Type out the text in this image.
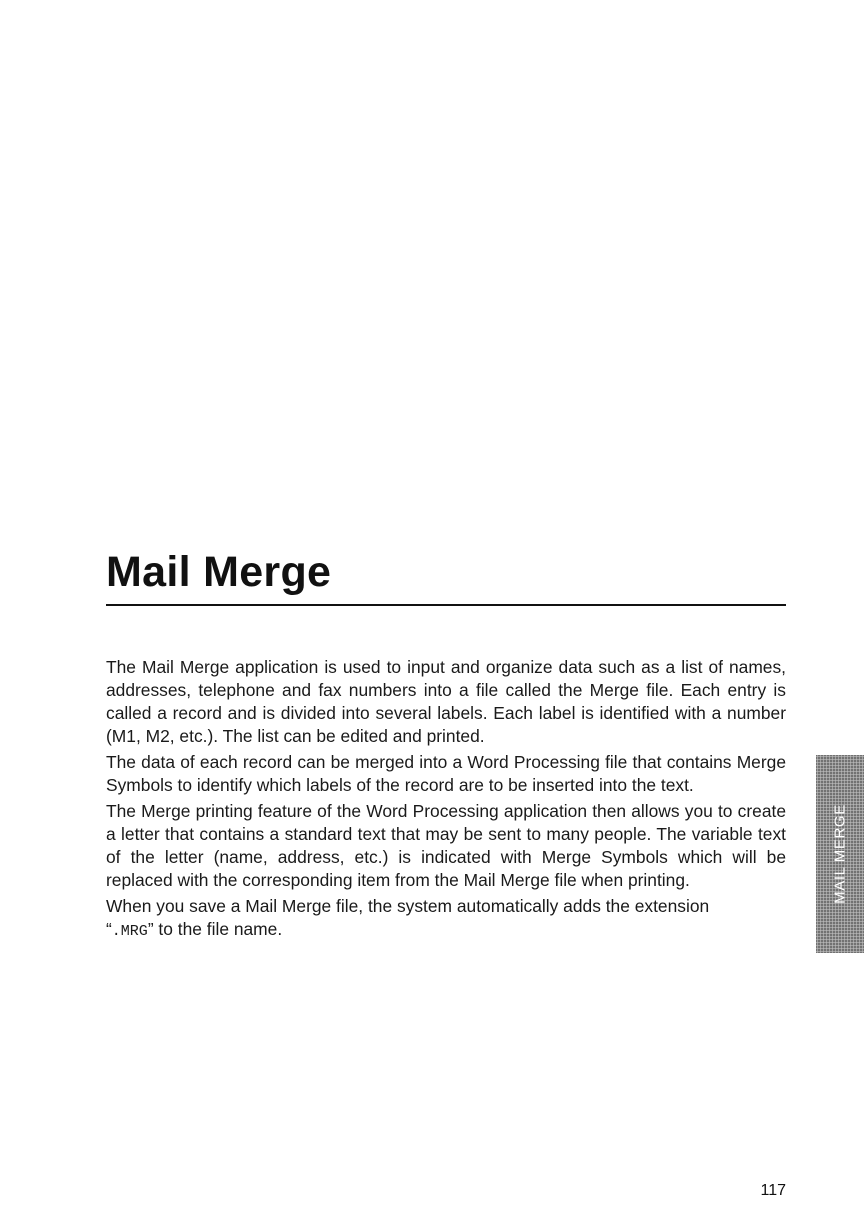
Mail Merge

The Mail Merge application is used to input and organize data such as a list of names, addresses, telephone and fax numbers into a file called the Merge file. Each entry is called a record and is divided into several labels. Each label is identified with a number (M1, M2, etc.). The list can be edited and printed.

The data of each record can be merged into a Word Processing file that contains Merge Symbols to identify which labels of the record are to be inserted into the text.

The Merge printing feature of the Word Processing application then allows you to create a letter that contains a standard text that may be sent to many people. The variable text of the letter (name, address, etc.) is indicated with Merge Symbols which will be replaced with the corresponding item from the Mail Merge file when printing.

When you save a Mail Merge file, the system automatically adds the extension
“.MRG” to the file name.

MAIL MERGE
117
